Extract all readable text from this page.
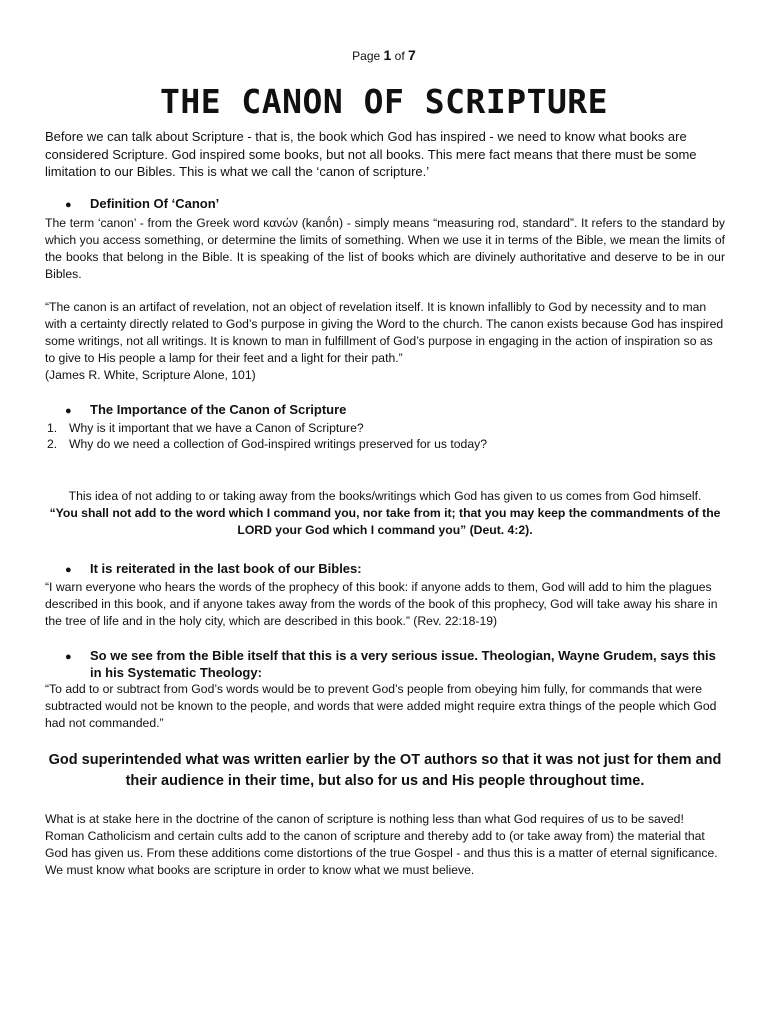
Page 1 of 7
THE CANON OF SCRIPTURE

Before we can talk about Scripture - that is, the book which God has inspired - we need to know what books are considered Scripture. God inspired some books, but not all books. This mere fact means that there must be some limitation to our Bibles. This is what we call the ‘canon of scripture.’

●	Definition Of ‘Canon’

The term ‘canon’ - from the Greek word κανών (kanṓn) - simply means “measuring rod, standard”. It refers to the standard by which you access something, or determine the limits of something. When we use it in terms of the Bible, we mean the limits of the books that belong in the Bible. It is speaking of the list of books which are divinely authoritative and deserve to be in our Bibles.

“The canon is an artifact of revelation, not an object of revelation itself. It is known infallibly to God by necessity and to man with a certainty directly related to God’s purpose in giving the Word to the church. The canon exists because God has inspired some writings, not all writings. It is known to man in fulfillment of God’s purpose in engaging in the action of inspiration so as to give to His people a lamp for their feet and a light for their path.”

(James R. White, Scripture Alone, 101)

●	The Importance of the Canon of Scripture
1. Why is it important that we have a Canon of Scripture?
2. Why do we need a collection of God-inspired writings preserved for us today?

This idea of not adding to or taking away from the books/writings which God has given to us comes from God himself.

“You shall not add to the word which I command you, nor take from it; that you may keep the commandments of the LORD your God which I command you” (Deut. 4:2).

●	It is reiterated in the last book of our Bibles:

“I warn everyone who hears the words of the prophecy of this book: if anyone adds to them, God will add to him the plagues described in this book, and if anyone takes away from the words of the book of this prophecy, God will take away his share in the tree of life and in the holy city, which are described in this book.” (Rev. 22:18-19)

●	So we see from the Bible itself that this is a very serious issue. Theologian, Wayne Grudem, says this in his Systematic Theology:

“To add to or subtract from God’s words would be to prevent God’s people from obeying him fully, for commands that were subtracted would not be known to the people, and words that were added might require extra things of the people which God had not commanded.”

God superintended what was written earlier by the OT authors so that it was not just for them and their audience in their time, but also for us and His people throughout time.

What is at stake here in the doctrine of the canon of scripture is nothing less than what God requires of us to be saved! Roman Catholicism and certain cults add to the canon of scripture and thereby add to (or take away from) the material that God has given us. From these additions come distortions of the true Gospel - and thus this is a matter of eternal significance. We must know what books are scripture in order to know what we must believe.
